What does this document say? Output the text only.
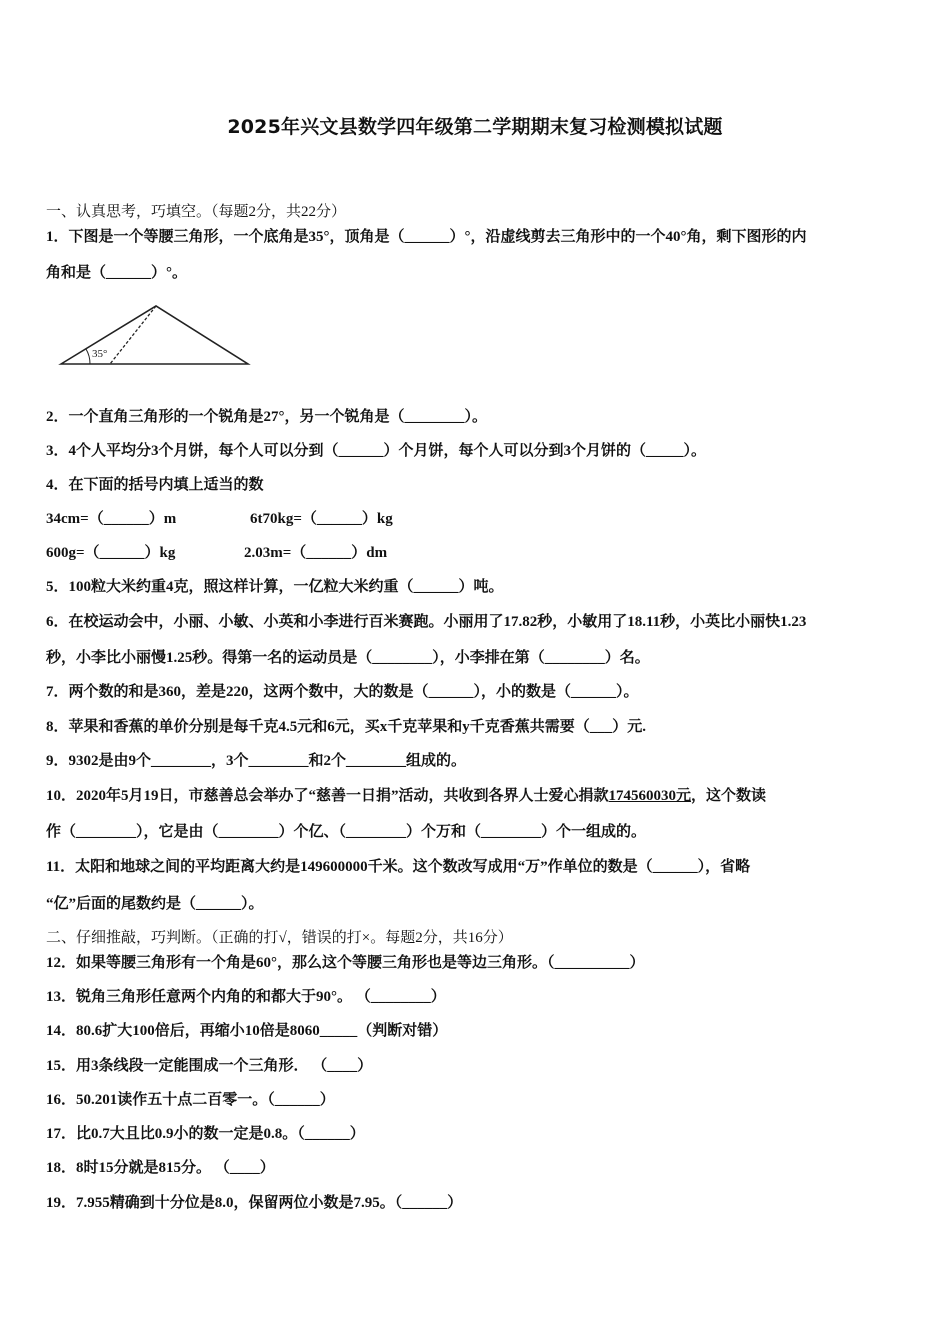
2025年兴文县数学四年级第二学期期末复习检测模拟试题
一、认真思考，巧填空。（每题2分，共22分）
1．下图是一个等腰三角形，一个底角是35°，顶角是（______）°，沿虚线剪去三角形中的一个40°角，剩下图形的内
角和是（______）°。
35°
2．一个直角三角形的一个锐角是27°，另一个锐角是（________）。
3．4个人平均分3个月饼，每个人可以分到（______）个月饼，每个人可以分到3个月饼的（_____）。
4．在下面的括号内填上适当的数
34cm=（______）m	6t70kg=（______）kg
600g=（______）kg	2.03m=（______）dm
5．100粒大米约重4克，照这样计算，一亿粒大米约重（______）吨。
6．在校运动会中，小丽、小敏、小英和小李进行百米赛跑。小丽用了17.82秒，小敏用了18.11秒，小英比小丽快1.23
秒，小李比小丽慢1.25秒。得第一名的运动员是（________），小李排在第（________）名。
7．两个数的和是360，差是220，这两个数中，大的数是（______），小的数是（______）。
8．苹果和香蕉的单价分别是每千克4.5元和6元，买x千克苹果和y千克香蕉共需要（___）元.
9．9302是由9个________，3个________和2个________组成的。
10．2020年5月19日，市慈善总会举办了“慈善一日捐”活动，共收到各界人士爱心捐款174560030元，这个数读
作（________），它是由（________）个亿、（________）个万和（________）个一组成的。
11．太阳和地球之间的平均距离大约是149600000千米。这个数改写成用“万”作单位的数是（______），省略
“亿”后面的尾数约是（______）。
二、仔细推敲，巧判断。（正确的打√，错误的打×。每题2分，共16分）
12．如果等腰三角形有一个角是60°，那么这个等腰三角形也是等边三角形。（__________）
13．锐角三角形任意两个内角的和都大于90°。 （________）
14．80.6扩大100倍后，再缩小10倍是8060_____（判断对错）
15．用3条线段一定能围成一个三角形． （____）
16．50.201读作五十点二百零一。（______）
17．比0.7大且比0.9小的数一定是0.8。（______）
18．8时15分就是815分。 （____）
19．7.955精确到十分位是8.0，保留两位小数是7.95。（______）
